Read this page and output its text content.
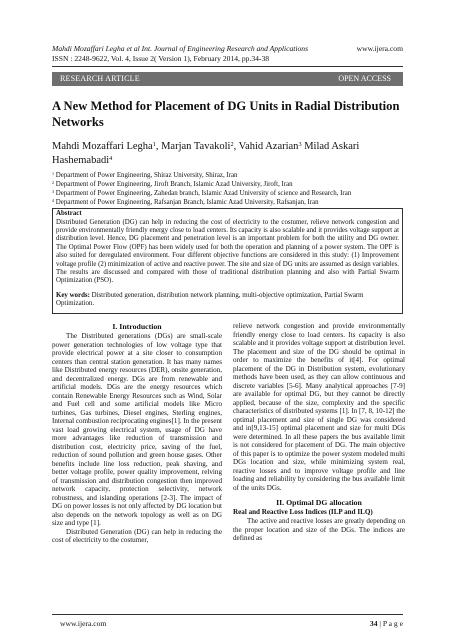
Mahdi Mozaffari Legha et al Int. Journal of Engineering Research and Applications
ISSN : 2248-9622, Vol. 4, Issue 2( Version 1), February 2014, pp.34-38
www.ijera.com
RESEARCH ARTICLE	OPEN ACCESS
A New Method for Placement of DG Units in Radial Distribution Networks
Mahdi Mozaffari Legha$^1$, Marjan Tavakoli$^2$, Vahid Azarian$^3$ Milad Askari Hashemabadi$^4$
$^1$ Department of Power Engineering, Shiraz University, Shiraz, Iran
$^2$ Department of Power Engineering, Jiroft Branch, Islamic Azad University, Jiroft, Iran
$^3$ Department of Power Engineering, Zahedan branch, Islamic Azad University of science and Research, Iran
$^4$ Department of Power Engineering, Rafsanjan Branch, Islamic Azad University, Rafsanjan, Iran
Abstract

Distributed Generation (DG) can help in reducing the cost of electricity to the costumer, relieve network congestion and provide environmentally friendly energy close to load centers. Its capacity is also scalable and it provides voltage support at distribution level. Hence, DG placement and penetration level is an important problem for both the utility and DG owner. The Optimal Power Flow (OPF) has been widely used for both the operation and planning of a power system. The OPF is also suited for deregulated environment. Four different objective functions are considered in this study: (1) Improvement voltage profile (2) minimization of active and reactive power. The site and size of DG units are assumed as design variables. The results are discussed and compared with those of traditional distribution planning and also with Partial Swarm Optimization (PSO).

Key words: Distributed generation, distribution network planning, multi-objective optimization, Partial Swarm Optimization.

I. Introduction

The Distributed generations (DGs) are small-scale power generation technologies of low voltage type that provide electrical power at a site closer to consumption centers than central station generation. It has many names like Distributed energy resources (DER), onsite generation, and decentralized energy. DGs are from renewable and artificial models. DGs are the energy resources which contain Renewable Energy Resources such as Wind, Solar and Fuel cell and some artificial models like Micro turbines, Gas turbines, Diesel engines, Sterling engines, Internal combustion reciprocating engines[1]. In the present vast load growing electrical system, usage of DG have more advantages like reduction of transmission and distribution cost, electricity price, saving of the fuel, reduction of sound pollution and green house gases. Other benefits include line loss reduction, peak shaving, and better voltage profile, power quality improvement, relving of transmission and distribution congestion then improved network capacity, protection selectivity, network robustness, and islanding operations [2-3]. The impact of DG on power losses is not only affected by DG location but also depends on the network topology as well as on DG size and type [1].

Distributed Generation (DG) can help in reducing the cost of electricity to the costumer,

relieve network congestion and provide environmentally friendly energy close to load centers. Its capacity is also scalable and it provides voltage support at distribution level. The placement and size of the DG should be optimal in order to maximize the benefits of it[4]. For optimal placement of the DG in Distribution system, evolutionary methods have been used, as they can allow continuous and discrete variables [5-6]. Many analytical approaches [7-9] are available for optimal DG, but they cannot be directly applied, because of the size, complexity and the specific characteristics of distributed systems [1]. In [7, 8, 10-12] the optimal placement and size of single DG was considered and in[9,13-15] optimal placement and size for multi DGs were determined. In all these papers the bus available limit is not considered for placement of DG. The main objective of this paper is to optimize the power system modeled multi DGs location and size, while minimizing system real, reactive losses and to improve voltage profile and line loading and reliability by considering the bus available limit of the units DGs.

II. Optimal DG allocation

Real and Reactive Loss Indices (ILP and ILQ)

The active and reactive losses are greatly depending on the proper location and size of the DGs. The indices are defined as

www.ijera.com	34 | P a g e
